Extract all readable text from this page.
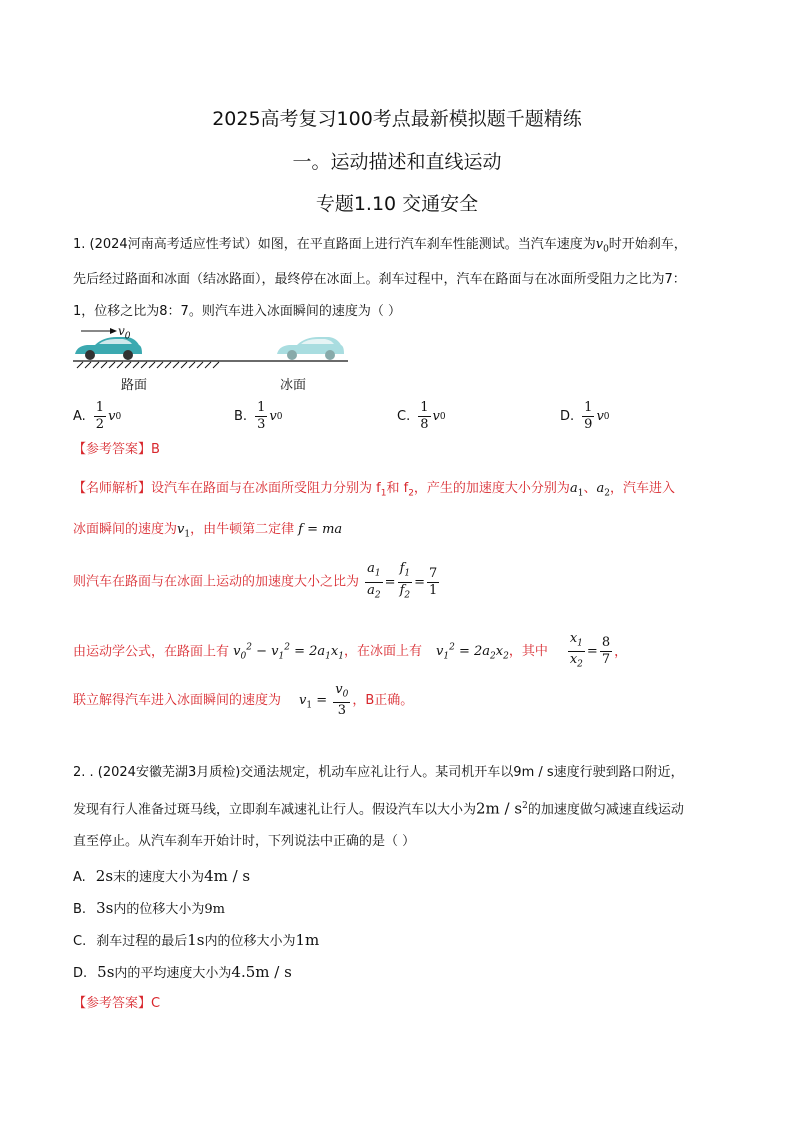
2025高考复习100考点最新模拟题千题精练
一。运动描述和直线运动
专题1.10 交通安全
1. (2024河南高考适应性考试）如图，在平直路面上进行汽车刹车性能测试。当汽车速度为$v_0$时开始刹车，
先后经过路面和冰面（结冰路面），最终停在冰面上。刹车过程中，汽车在路面与在冰面所受阻力之比为7：
1，位移之比为8：7。则汽车进入冰面瞬间的速度为（ ）
$v_0$
路面	冰面
A. $\frac{1}{2}$ v 0	B. $\frac{1}{3}$ v 0	C. $\frac{1}{8}$ v 0	D. $\frac{1}{9}$ v 0
【参考答案】B
【名师解析】设汽车在路面与在冰面所受阻力分别为 $f_1$和 $f_2$，产生的加速度大小分别为$a_1$、$a_2$，汽车进入
冰面瞬间的速度为$v_1$，由牛顿第二定律 f = ma
则汽车在路面与在冰面上运动的加速度大小之比为 $\frac{a_1}{a_2} = \frac{f_1}{f_2} = \frac{7}{1}$
由运动学公式，在路面上有 $v_0^2 - v_1^2 = 2a_1x_1$，在冰面上有 $v_1^2 = 2a_2x_2$，其中 $\frac{x_1}{x_2} = \frac{8}{7}$ ，
联立解得汽车进入冰面瞬间的速度为 $v_1 = \frac{v_0}{3}$ ，B正确。
2. . (2024安徽芜湖3月质检)交通法规定，机动车应礼让行人。某司机开车以9m / s速度行驶到路口附近，
发现有行人准备过斑马线，立即刹车减速礼让行人。假设汽车以大小为$2m / s^2$的加速度做匀减速直线运动
直至停止。从汽车刹车开始计时，下列说法中正确的是（ ）
A. 2s末的速度大小为4m / s
B. 3s内的位移大小为9m
C. 刹车过程的最后1s内的位移大小为1m
D. 5s内的平均速度大小为4.5m / s
【参考答案】C
